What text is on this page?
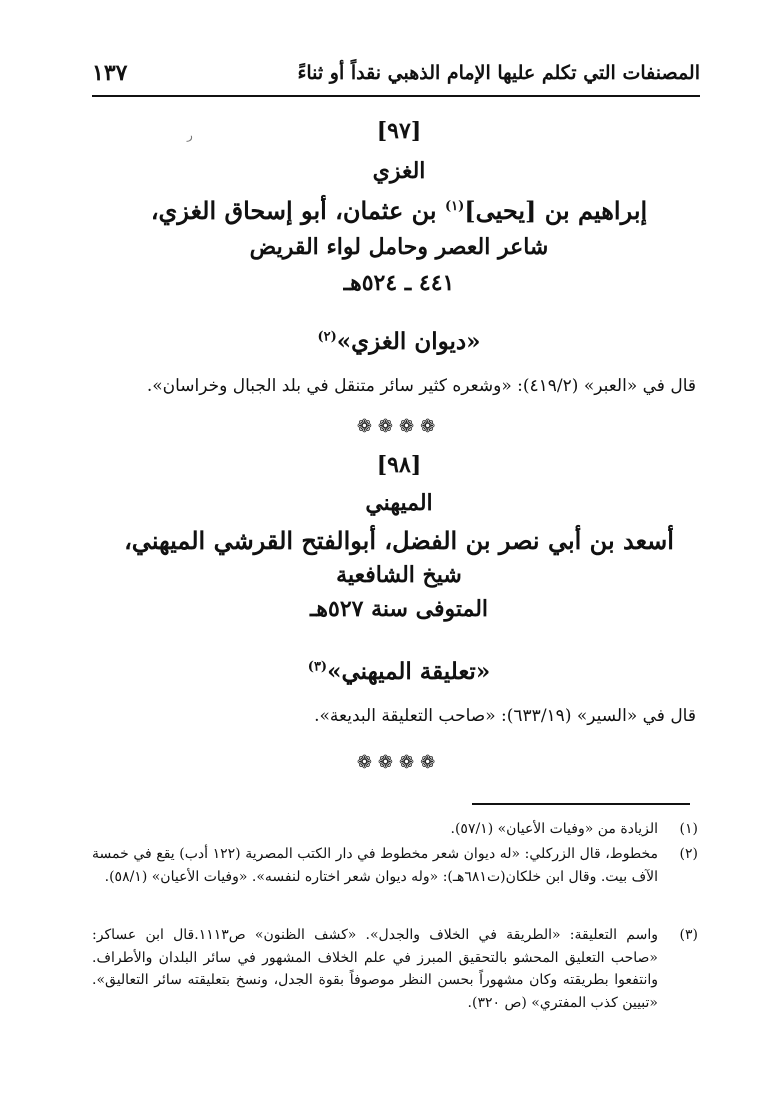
المصنفات التي تكلم عليها الإمام الذهبي نقداً أو ثناءً
١٣٧
ر	[٩٧]
الغزي
إبراهيم بن [يحيى]$^{(١)}$ بن عثمان، أبو إسحاق الغزي،
شاعر العصر وحامل لواء القريض
٤٤١ ـ ٥٢٤هـ
«ديوان الغزي»$^{(٢)}$
قال في «العبر» (٤١٩/٢): «وشعره كثير سائر متنقل في بلد الجبال وخراسان».
❁❁❁❁
[٩٨]
الميهني
أسعد بن أبي نصر بن الفضل، أبوالفتح القرشي الميهني،
شيخ الشافعية
المتوفى سنة ٥٢٧هـ
«تعليقة الميهني»$^{(٣)}$
قال في «السير» (٦٣٣/١٩): «صاحب التعليقة البديعة».
❁❁❁❁
(١)
الزيادة من «وفيات الأعيان» (٥٧/١).
(٢)
مخطوط، قال الزركلي: «له ديوان شعر مخطوط في دار الكتب المصرية (١٢٢ أدب) يقع في خمسة الآف بيت. وقال ابن خلكان(ت٦٨١هـ): «وله ديوان شعر اختاره لنفسه». «وفيات الأعيان» (٥٨/١).
(٣)
واسم التعليقة: «الطريقة في الخلاف والجدل». «كشف الظنون» ص١١١٣.قال ابن عساكر: «صاحب التعليق المحشو بالتحقيق المبرز في علم الخلاف المشهور في سائر البلدان والأطراف. وانتفعوا بطريقته وكان مشهوراً بحسن النظر موصوفاً بقوة الجدل، ونسخ بتعليقته سائر التعاليق». «تبيين كذب المفتري» (ص ٣٢٠).
